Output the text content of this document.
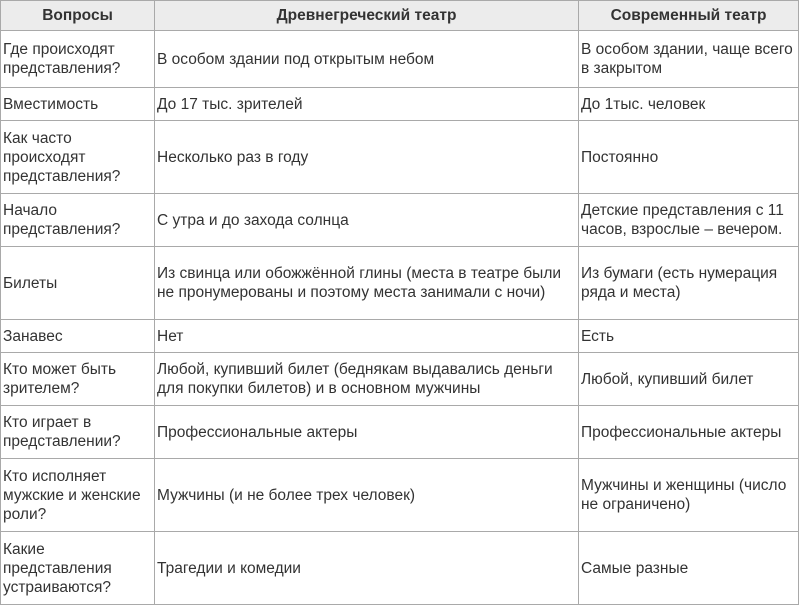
Вопросы	Древнегреческий театр	Современный театр
Где происходят представления?	В особом здании под открытым небом	В особом здании, чаще всего в закрытом
Вместимость	До 17 тыс. зрителей	До 1тыс. человек
Как часто происходят представления?	Несколько раз в году	Постоянно
Начало представления?	С утра и до захода солнца	Детские представления с 11 часов, взрослые – вечером.
Билеты	Из свинца или обожжённой глины (места в театре были не пронумерованы и поэтому места занимали с ночи)	Из бумаги (есть нумерация ряда и места)
Занавес	Нет	Есть
Кто может быть зрителем?	Любой, купивший билет (беднякам выдавались деньги для покупки билетов) и в основном мужчины	Любой, купивший билет
Кто играет в представлении?	Профессиональные актеры	Профессиональные актеры
Кто исполняет мужские и женские роли?	Мужчины (и не более трех человек)	Мужчины и женщины (число не ограничено)
Какие представления устраиваются?	Трагедии и комедии	Самые разные
